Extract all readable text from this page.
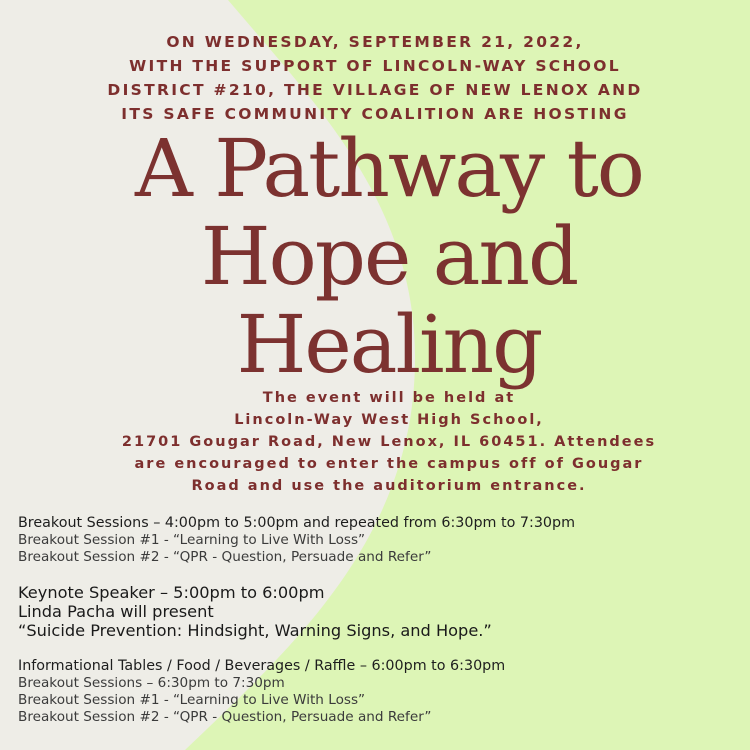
ON WEDNESDAY, SEPTEMBER 21, 2022,
WITH THE SUPPORT OF LINCOLN-WAY SCHOOL
DISTRICT #210, THE VILLAGE OF NEW LENOX AND
ITS SAFE COMMUNITY COALITION ARE HOSTING
A Pathway to
Hope and
Healing
The event will be held at
Lincoln-Way West High School,
21701 Gougar Road, New Lenox, IL 60451. Attendees
are encouraged to enter the campus off of Gougar
Road and use the auditorium entrance.
Breakout Sessions – 4:00pm to 5:00pm and repeated from 6:30pm to 7:30pm
Breakout Session #1 - “Learning to Live With Loss”
Breakout Session #2 - “QPR - Question, Persuade and Refer”
Keynote Speaker – 5:00pm to 6:00pm
Linda Pacha will present
“Suicide Prevention: Hindsight, Warning Signs, and Hope.”
Informational Tables / Food / Beverages / Raffle – 6:00pm to 6:30pm
Breakout Sessions – 6:30pm to 7:30pm
Breakout Session #1 - “Learning to Live With Loss”
Breakout Session #2 - “QPR - Question, Persuade and Refer”
